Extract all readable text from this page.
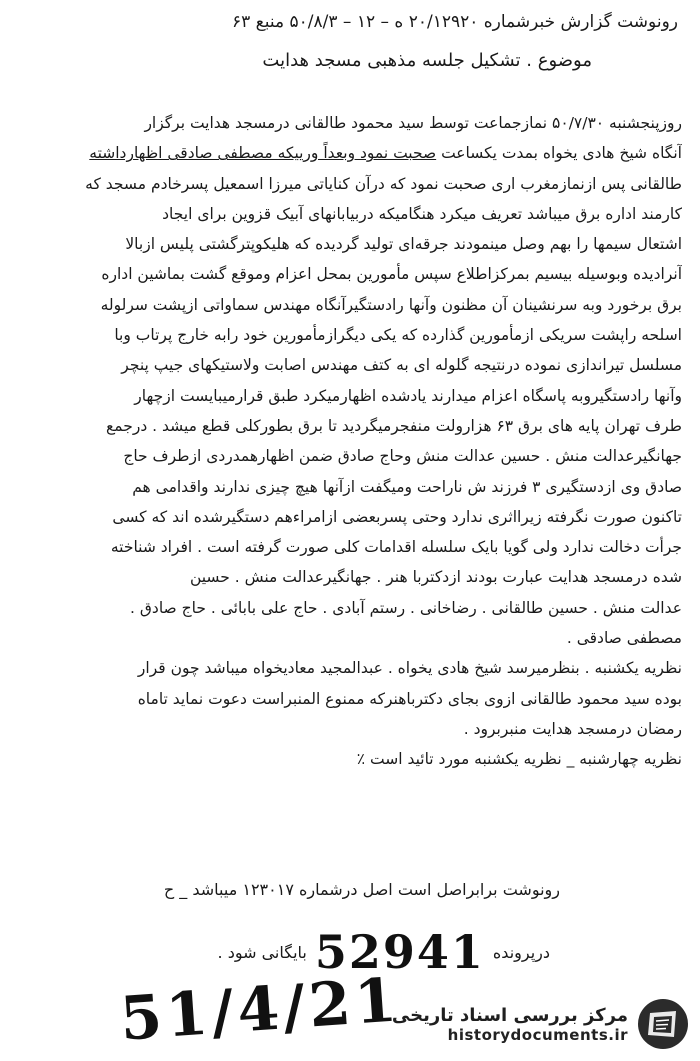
رونوشت گزارش خبرشماره ۲۰/۱۲۹۲۰ ه – ۱۲ – ۵۰/۸/۳ منبع ۶۳
موضوع . تشکیل جلسه مذهبی مسجد هدایت
روزپنجشنبه ۵۰/۷/۳۰ نمازجماعت توسط سید محمود طالقانی درمسجد هدایت برگزار
آنگاه شیخ هادی یخواه بمدت یکساعت صحبت نمود وبعداً ورییکه مصطفی صادقی اظهارداشته
طالقانی پس ازنمازمغرب اری صحبت نمود که درآن کنایاتی میرزا اسمعیل پسرخادم مسجد که
کارمند اداره برق میباشد تعریف میکرد هنگامیکه دربیابانهای آبیک قزوین برای ایجاد
اشتعال سیمها را بهم وصل مینمودند جرقه‌ای تولید گردیده که هلیکوپترگشتی پلیس ازبالا
آنرادیده وبوسیله بیسیم بمرکزاطلاع سپس مأمورین بمحل اعزام وموقع گشت بماشین اداره
برق برخورد وبه سرنشینان آن مظنون وآنها رادستگیرآنگاه مهندس سماواتی ازپشت سرلوله
اسلحه راپشت سریکی ازمأمورین گذارده که یکی دیگرازمأمورین خود رابه خارج پرتاب وبا
مسلسل تیراندازی نموده درنتیجه گلوله ای به کتف مهندس اصابت ولاستیکهای جیپ پنچر
وآنها رادستگیروبه پاسگاه اعزام میدارند یادشده اظهارمیکرد طبق قرارمیبایست ازچهار
طرف تهران پایه های برق ۶۳ هزارولت منفجرمیگردید تا برق بطورکلی قطع میشد . درجمع
جهانگیرعدالت منش . حسین عدالت منش وحاج صادق ضمن اظهارهمدردی ازطرف حاج
صادق وی ازدستگیری ۳ فرزند ش ناراحت ومیگفت ازآنها هیچ چیزی ندارند واقدامی هم
تاکنون صورت نگرفته زیرااثری ندارد وحتی پسربعضی ازامراءهم دستگیرشده اند که کسی
جرأت دخالت ندارد ولی گویا بایک سلسله اقدامات کلی صورت گرفته است . افراد شناخته
شده درمسجد هدایت عبارت بودند ازدکتربا هنر . جهانگیرعدالت منش . حسین
عدالت منش . حسین طالقانی . رضاخانی . رستم آبادی . حاج علی بابائی . حاج صادق .
مصطفی صادقی .
نظریه یکشنبه . بنظرمیرسد شیخ هادی یخواه . عبدالمجید معادیخواه میباشد چون قرار
بوده سید محمود طالقانی ازوی بجای دکترباهنرکه ممنوع المنبراست دعوت نماید تاماه
رمضان درمسجد هدایت منبربرود .
نظریه چهارشنبه _ نظریه یکشنبه مورد تائید است ٪
رونوشت برابراصل است اصل درشماره ۱۲۳۰۱۷ میباشد _ ح
درپرونده
52941
بایگانی شود .
51/4/21
مرکز بررسی اسناد تاریخی
historydocuments.ir
